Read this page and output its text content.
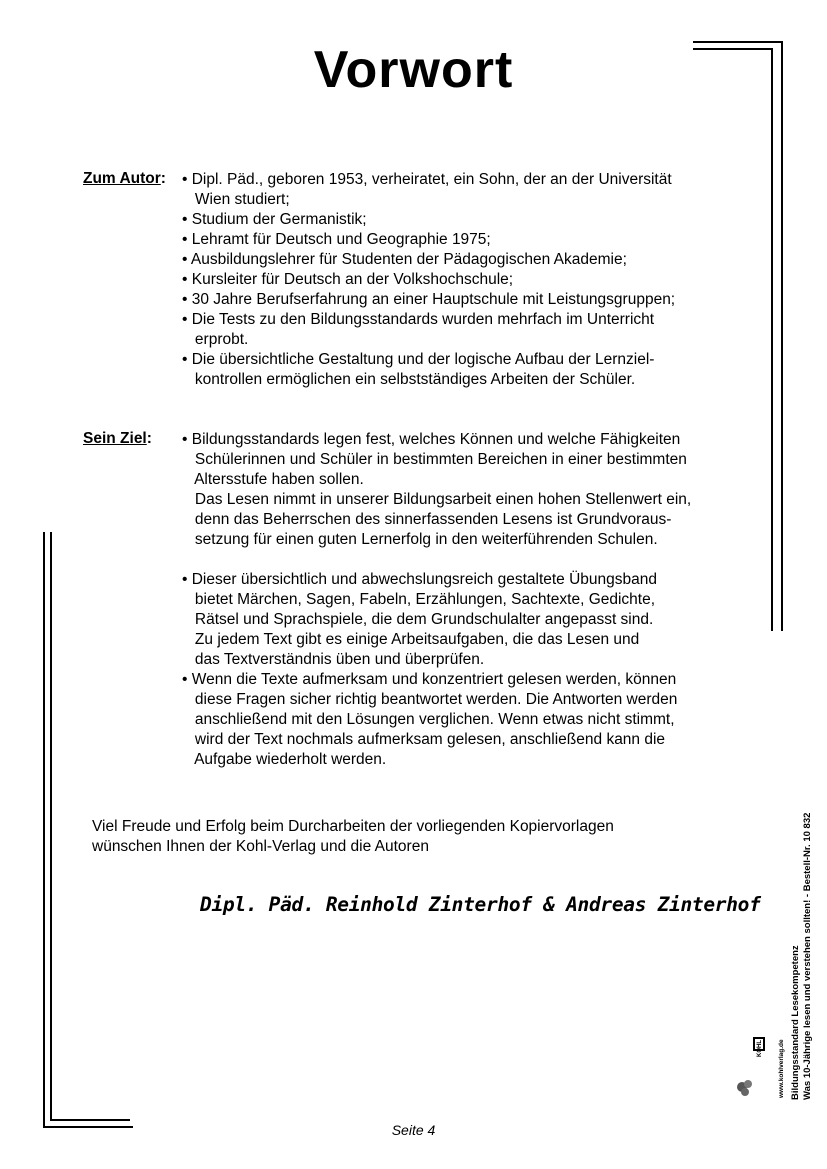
Vorwort
Zum Autor: • Dipl. Päd., geboren 1953, verheiratet, ein Sohn, der an der Universität
Wien studiert;
• Studium der Germanistik;
• Lehramt für Deutsch und Geographie 1975;
• Ausbildungslehrer für Studenten der Pädagogischen Akademie;
• Kursleiter für Deutsch an der Volkshochschule;
• 30 Jahre Berufserfahrung an einer Hauptschule mit Leistungsgruppen;
• Die Tests zu den Bildungsstandards wurden mehrfach im Unterricht
erprobt.
• Die übersichtliche Gestaltung und der logische Aufbau der Lernziel-
kontrollen ermöglichen ein selbstständiges Arbeiten der Schüler.
Sein Ziel: • Bildungsstandards legen fest, welches Können und welche Fähigkeiten
Schülerinnen und Schüler in bestimmten Bereichen in einer bestimmten
Altersstufe haben sollen.
Das Lesen nimmt in unserer Bildungsarbeit einen hohen Stellenwert ein,
denn das Beherrschen des sinnerfassenden Lesens ist Grundvoraus-
setzung für einen guten Lernerfolg in den weiterführenden Schulen.
• Dieser übersichtlich und abwechslungsreich gestaltete Übungsband
bietet Märchen, Sagen, Fabeln, Erzählungen, Sachtexte, Gedichte,
Rätsel und Sprachspiele, die dem Grundschulalter angepasst sind.
Zu jedem Text gibt es einige Arbeitsaufgaben, die das Lesen und
das Textverständnis üben und überprüfen.
• Wenn die Texte aufmerksam und konzentriert gelesen werden, können
diese Fragen sicher richtig beantwortet werden. Die Antworten werden
anschließend mit den Lösungen verglichen. Wenn etwas nicht stimmt,
wird der Text nochmals aufmerksam gelesen, anschließend kann die
Aufgabe wiederholt werden.
Viel Freude und Erfolg beim Durcharbeiten der vorliegenden Kopiervorlagen
wünschen Ihnen der Kohl-Verlag und die Autoren
Dipl. Päd. Reinhold Zinterhof & Andreas Zinterhof
Bildungsstandard Lesekompetenz Was 10-Jährige lesen und verstehen sollten! - Bestell-Nr. 10 832
www.kohlverlag.de
KOHL
Seite 4
